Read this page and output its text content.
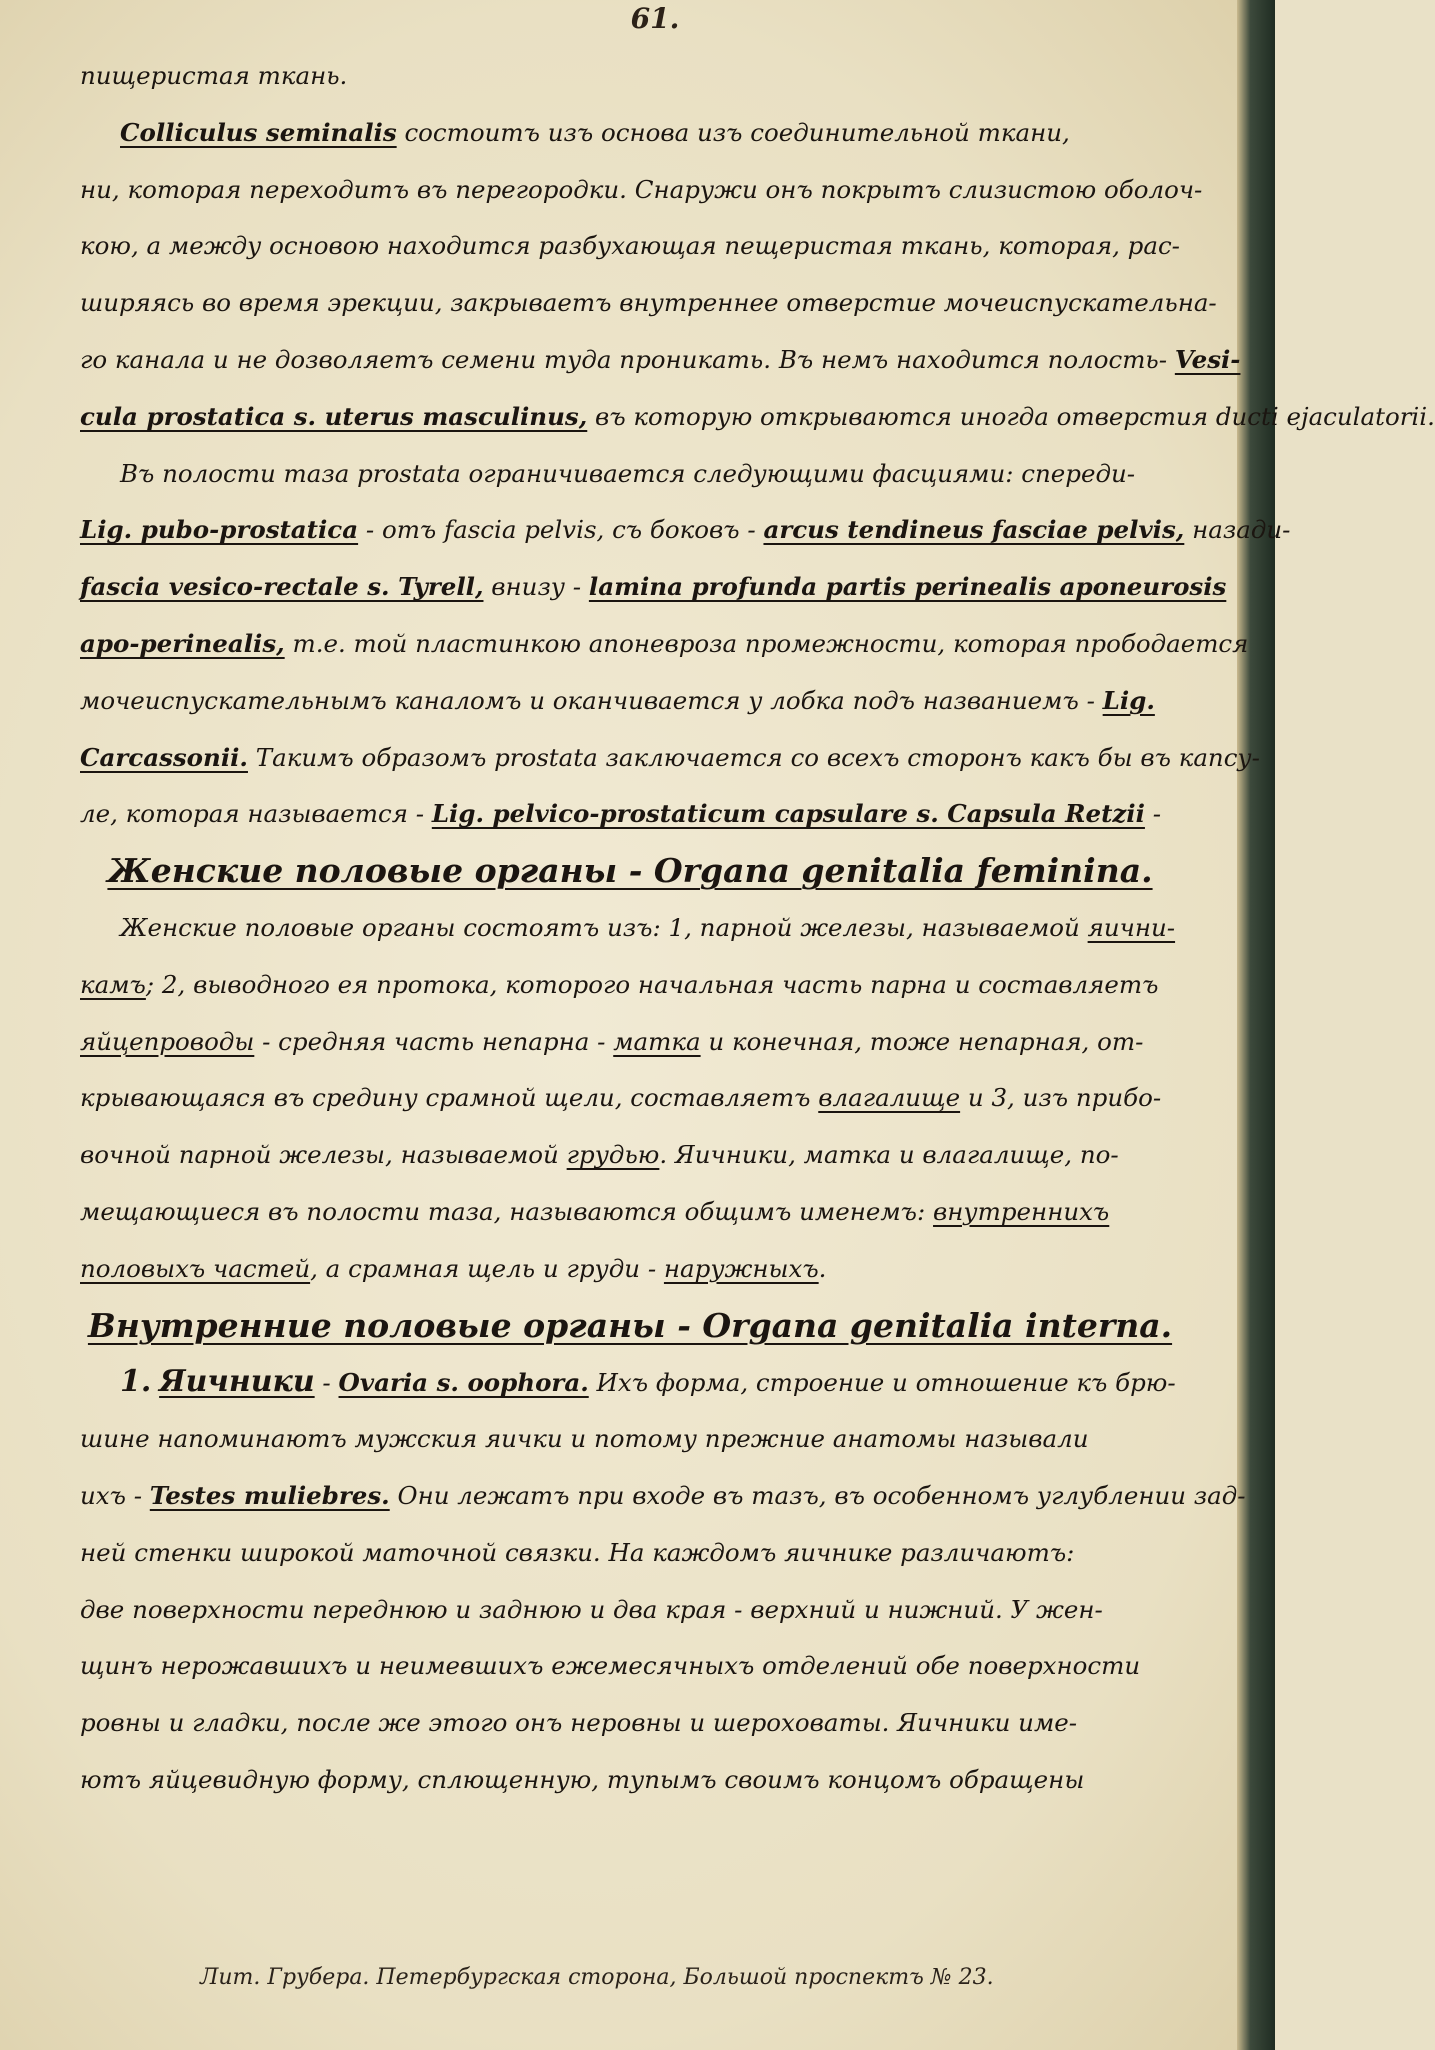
61.
пищеристая ткань.
Colliculus seminalis состоитъ изъ основа изъ соединительной ткани,
ни, которая переходитъ въ перегородки. Снаружи онъ покрытъ слизистою оболоч-
кою, а между основою находится разбухающая пещеристая ткань, которая, рас-
ширяясь во время эрекции, закрываетъ внутреннее отверстие мочеиспускательна-
го канала и не дозволяетъ семени туда проникать. Въ немъ находится полость- Vesi-
cula prostatica s. uterus masculinus, въ которую открываются иногда отверстия ducti ejaculatorii.
Въ полости таза prostata ограничивается следующими фасциями: спереди-
Lig. pubo-prostatica - отъ fascia pelvis, съ боковъ - arcus tendineus fasciae pelvis, назади-
fascia vesico-rectale s. Tyrell, внизу - lamina profunda partis perinealis aponeurosis
apo-perinealis, т.е. той пластинкою апоневроза промежности, которая прободается
мочеиспускательнымъ каналомъ и оканчивается у лобка подъ названиемъ - Lig.
Carcassonii. Такимъ образомъ prostata заключается со всехъ сторонъ какъ бы въ капсу-
ле, которая называется - Lig. pelvico-prostaticum capsulare s. Capsula Retzii -
Женские половые органы - Organa genitalia feminina.
Женские половые органы состоятъ изъ: 1, парной железы, называемой яични-
камъ; 2, выводного ея протока, которого начальная часть парна и составляетъ
яйцепроводы - средняя часть непарна - матка и конечная, тоже непарная, от-
крывающаяся въ средину срамной щели, составляетъ влагалище и 3, изъ прибо-
вочной парной железы, называемой грудью. Яичники, матка и влагалище, по-
мещающиеся въ полости таза, называются общимъ именемъ: внутреннихъ
половыхъ частей, а срамная щель и груди - наружныхъ.
Внутренние половые органы - Organa genitalia interna.
1. Яичники - Ovaria s. oophora. Ихъ форма, строение и отношение къ брю-
шине напоминаютъ мужския яички и потому прежние анатомы называли
ихъ - Testes muliebres. Они лежатъ при входе въ тазъ, въ особенномъ углублении зад-
ней стенки широкой маточной связки. На каждомъ яичнике различаютъ:
две поверхности переднюю и заднюю и два края - верхний и нижний. У жен-
щинъ нерожавшихъ и неимевшихъ ежемесячныхъ отделений обе поверхности
ровны и гладки, после же этого онъ неровны и шероховаты. Яичники име-
ютъ яйцевидную форму, сплющенную, тупымъ своимъ концомъ обращены
Лит. Грубера. Петербургская сторона, Большой проспектъ № 23.
